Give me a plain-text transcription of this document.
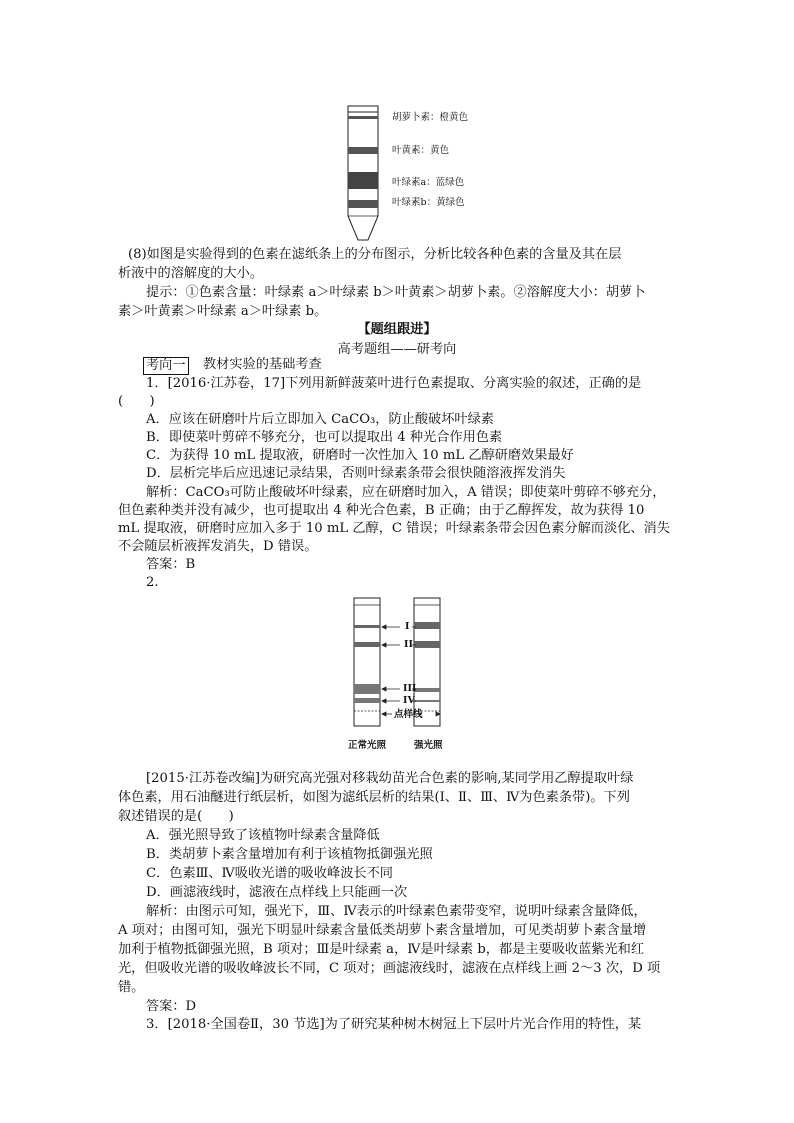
胡萝卜素：橙黄色
叶黄素：黄色
叶绿素a：蓝绿色
叶绿素b：黄绿色
(8)如图是实验得到的色素在滤纸条上的分布图示，分析比较各种色素的含量及其在层
析液中的溶解度的大小。
提示：①色素含量：叶绿素 a＞叶绿素 b＞叶黄素＞胡萝卜素。②溶解度大小：胡萝卜
素＞叶黄素＞叶绿素 a＞叶绿素 b。
【题组跟进】
高考题组——研考向
考向一 教材实验的基础考查
1．[2016·江苏卷，17]下列用新鲜菠菜叶进行色素提取、分离实验的叙述，正确的是
(　　)
A．应该在研磨叶片后立即加入 CaCO₃，防止酸破坏叶绿素
B．即使菜叶剪碎不够充分，也可以提取出 4 种光合作用色素
C．为获得 10 mL 提取液，研磨时一次性加入 10 mL 乙醇研磨效果最好
D．层析完毕后应迅速记录结果，否则叶绿素条带会很快随溶液挥发消失
解析：CaCO₃可防止酸破坏叶绿素，应在研磨时加入，A 错误；即使菜叶剪碎不够充分，
但色素种类并没有减少，也可提取出 4 种光合色素，B 正确；由于乙醇挥发，故为获得 10
mL 提取液，研磨时应加入多于 10 mL 乙醇，C 错误；叶绿素条带会因色素分解而淡化、消失
不会随层析液挥发消失，D 错误。
答案：B
2.
I
II
III
IV
点样线
正常光照	强光照
[2015·江苏卷改编]为研究高光强对移栽幼苗光合色素的影响,某同学用乙醇提取叶绿
体色素，用石油醚进行纸层析，如图为滤纸层析的结果(Ⅰ、Ⅱ、Ⅲ、Ⅳ为色素条带)。下列
叙述错误的是(　　)
A．强光照导致了该植物叶绿素含量降低
B．类胡萝卜素含量增加有利于该植物抵御强光照
C．色素Ⅲ、Ⅳ吸收光谱的吸收峰波长不同
D．画滤液线时，滤液在点样线上只能画一次
解析：由图示可知，强光下，Ⅲ、Ⅳ表示的叶绿素色素带变窄，说明叶绿素含量降低，
A 项对；由图可知，强光下明显叶绿素含量低类胡萝卜素含量增加，可见类胡萝卜素含量增
加利于植物抵御强光照，B 项对；Ⅲ是叶绿素 a，Ⅳ是叶绿素 b，都是主要吸收蓝紫光和红
光，但吸收光谱的吸收峰波长不同，C 项对；画滤液线时，滤液在点样线上画 2～3 次，D 项
错。
答案：D
3．[2018·全国卷Ⅱ，30 节选]为了研究某种树木树冠上下层叶片光合作用的特性，某
